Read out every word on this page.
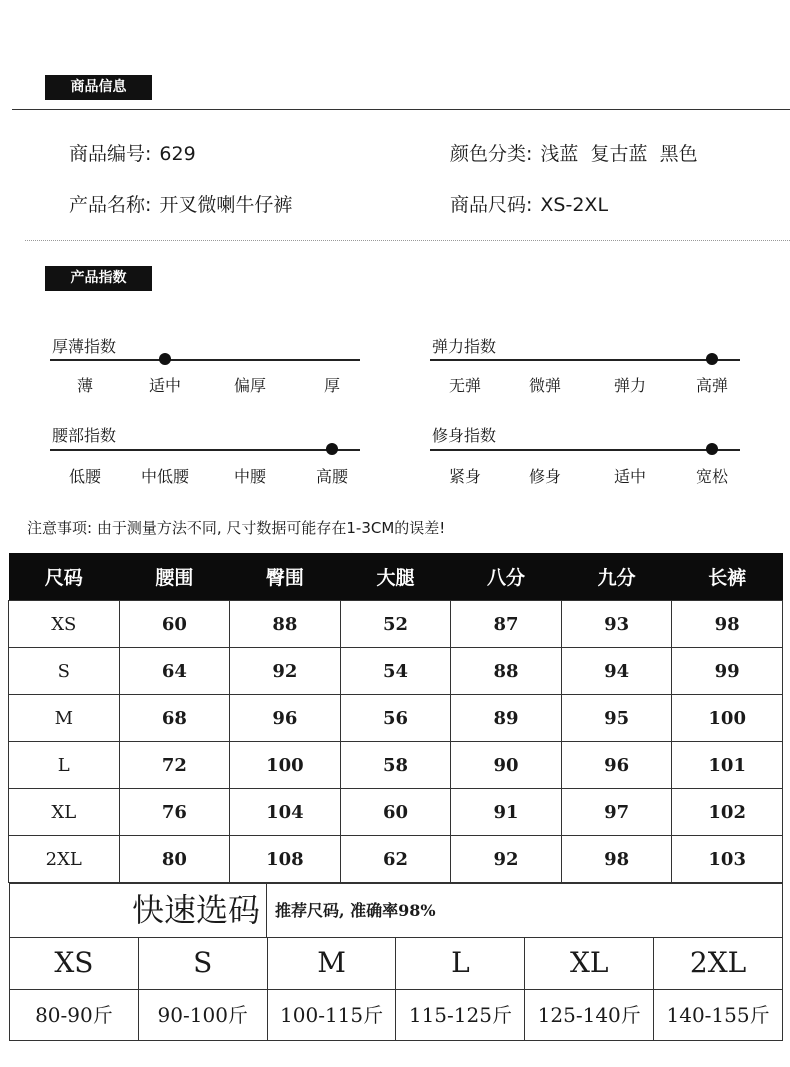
商品信息
商品编号: 629	颜色分类: 浅蓝  复古蓝  黑色
产品名称: 开叉微喇牛仔裤	商品尺码: XS-2XL
产品指数
厚薄指数
薄	适中	偏厚	厚
弹力指数
无弹	微弹	弹力	高弹
腰部指数
低腰 中低腰	中腰	高腰
修身指数
紧身	修身	适中	宽松
注意事项: 由于测量方法不同, 尺寸数据可能存在1-3CM的误差!
尺码	腰围	臀围	大腿	八分	九分	长裤
XS	60	88	52	87	93	98
S	64	92	54	88	94	99
M	68	96	56	89	95	100
L	72	100	58	90	96	101
XL	76	104	60	91	97	102
2XL	80	108	62	92	98	103
快速选码 推荐尺码, 准确率98%
XS	S	M	L	XL	2XL
80-90斤	90-100斤	100-115斤	115-125斤	125-140斤	140-155斤
